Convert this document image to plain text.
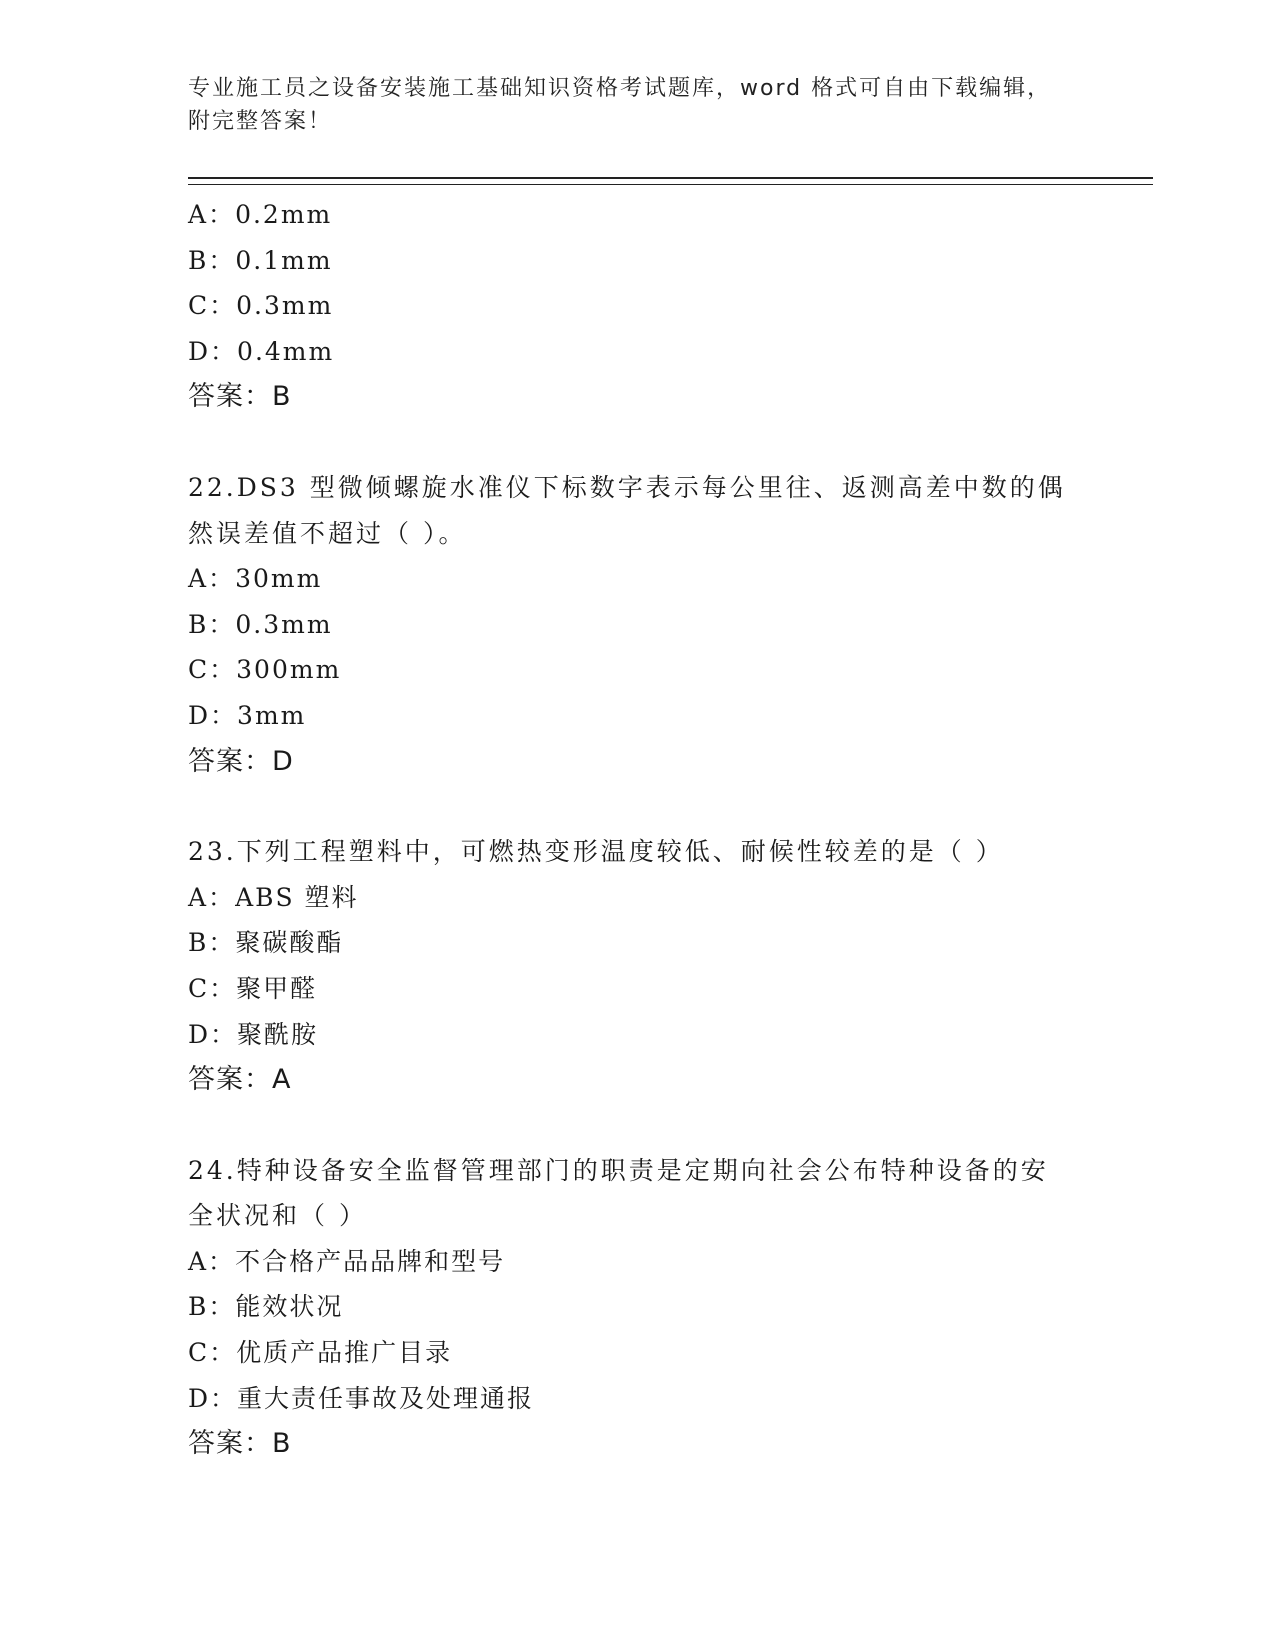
专业施工员之设备安装施工基础知识资格考试题库，word 格式可自由下载编辑，
附完整答案！
A：0.2mm
B：0.1mm
C：0.3mm
D：0.4mm
答案：B
22.DS3 型微倾螺旋水准仪下标数字表示每公里往、返测高差中数的偶
然误差值不超过（ ）。
A：30mm
B：0.3mm
C：300mm
D：3mm
答案：D
23.下列工程塑料中，可燃热变形温度较低、耐候性较差的是（ ）
A：ABS 塑料
B：聚碳酸酯
C：聚甲醛
D：聚酰胺
答案：A
24.特种设备安全监督管理部门的职责是定期向社会公布特种设备的安
全状况和（ ）
A：不合格产品品牌和型号
B：能效状况
C：优质产品推广目录
D：重大责任事故及处理通报
答案：B
